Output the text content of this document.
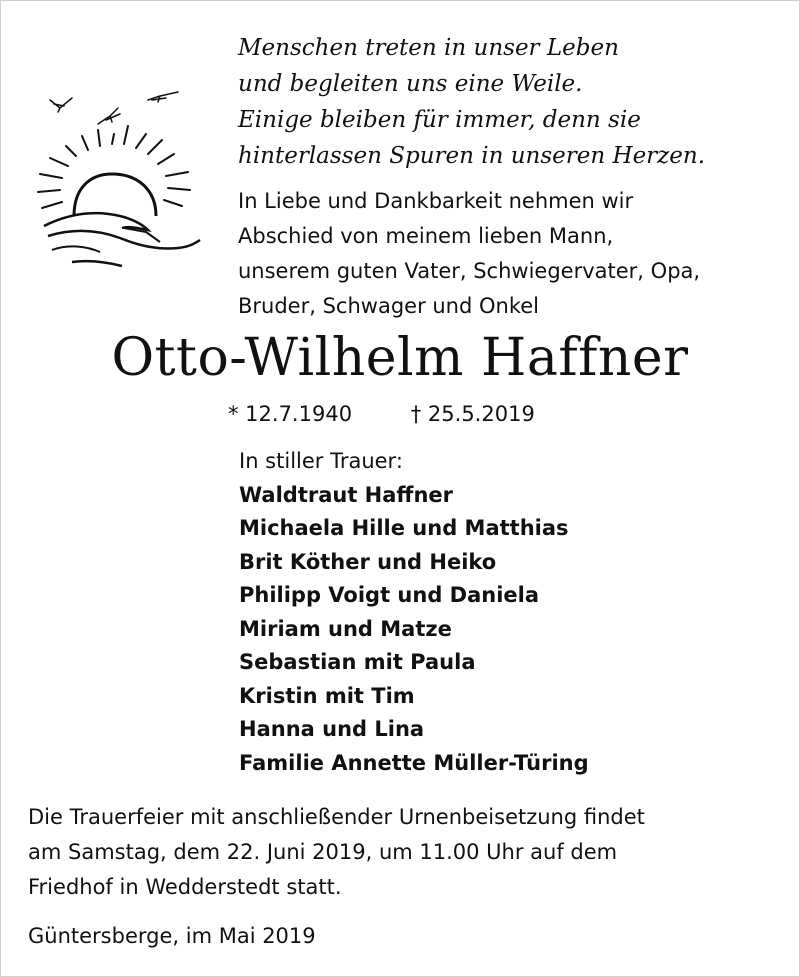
Menschen treten in unser Leben
und begleiten uns eine Weile.
Einige bleiben für immer, denn sie
hinterlassen Spuren in unseren Herzen.
In Liebe und Dankbarkeit nehmen wir
Abschied von meinem lieben Mann,
unserem guten Vater, Schwiegervater, Opa,
Bruder, Schwager und Onkel
Otto-Wilhelm Haffner
* 12.7.1940	† 25.5.2019
In stiller Trauer:
Waldtraut Haffner
Michaela Hille und Matthias
Brit Köther und Heiko
Philipp Voigt und Daniela
Miriam und Matze
Sebastian mit Paula
Kristin mit Tim
Hanna und Lina
Familie Annette Müller-Türing
Die Trauerfeier mit anschließender Urnenbeisetzung findet
am Samstag, dem 22. Juni 2019, um 11.00 Uhr auf dem
Friedhof in Wedderstedt statt.
Güntersberge, im Mai 2019
